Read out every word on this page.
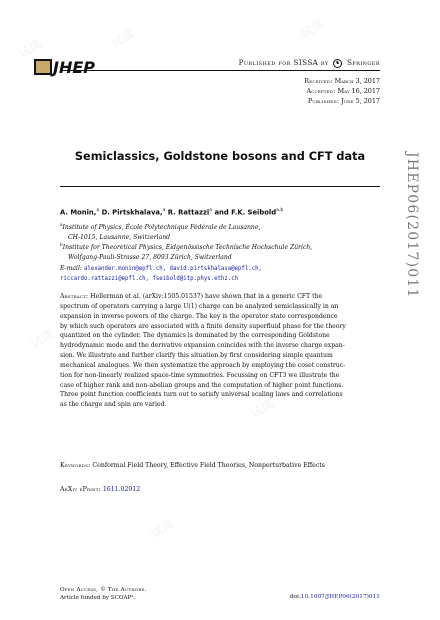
试读	试读	试读
试读
试读
试读
JHEP	Published for SISSA by ♞ Springer
Received: March 3, 2017
Accepted: May 16, 2017
Published: June 5, 2017
JHEP06(2017)011
Semiclassics, Goldstone bosons and CFT data
A. Monin,$^a$ D. Pirtskhalava,$^a$ R. Rattazzi$^a$ and F.K. Seibold$^{a,b}$
$^a$Institute of Physics, École Polytechnique Fédérale de Lausanne,
CH-1015, Lausanne, Switzerland
$^b$Institute for Theoretical Physics, Eidgenössische Technische Hochschule Zürich,
Wolfgang-Pauli-Strasse 27, 8093 Zürich, Switzerland
E-mail: alexander.monin@epfl.ch, david.pirtskhalava@epfl.ch,
riccardo.rattazzi@epfl.ch, fseibold@itp.phys.ethz.ch
Abstract: Hellerman et al. (arXiv:1505.01537) have shown that in a generic CFT the
spectrum of operators carrying a large U(1) charge can be analyzed semiclassically in an
expansion in inverse powers of the charge. The key is the operator state correspondence
by which such operators are associated with a finite density superfluid phase for the theory
quantized on the cylinder. The dynamics is dominated by the corresponding Goldstone
hydrodynamic mode and the derivative expansion coincides with the inverse charge expan-
sion. We illustrate and further clarify this situation by first considering simple quantum
mechanical analogues. We then systematize the approach by employing the coset construc-
tion for non-linearly realized space-time symmetries. Focussing on CFT3 we illustrate the
case of higher rank and non-abelian groups and the computation of higher point functions.
Three point function coefficients turn out to satisfy universal scaling laws and correlations
as the charge and spin are varied.
Keywords: Conformal Field Theory, Effective Field Theories, Nonperturbative Effects
ArXiv ePrint: 1611.02912
Open Access, © The Authors.
Article funded by SCOAP³.	doi:10.1007/JHEP06(2017)011
